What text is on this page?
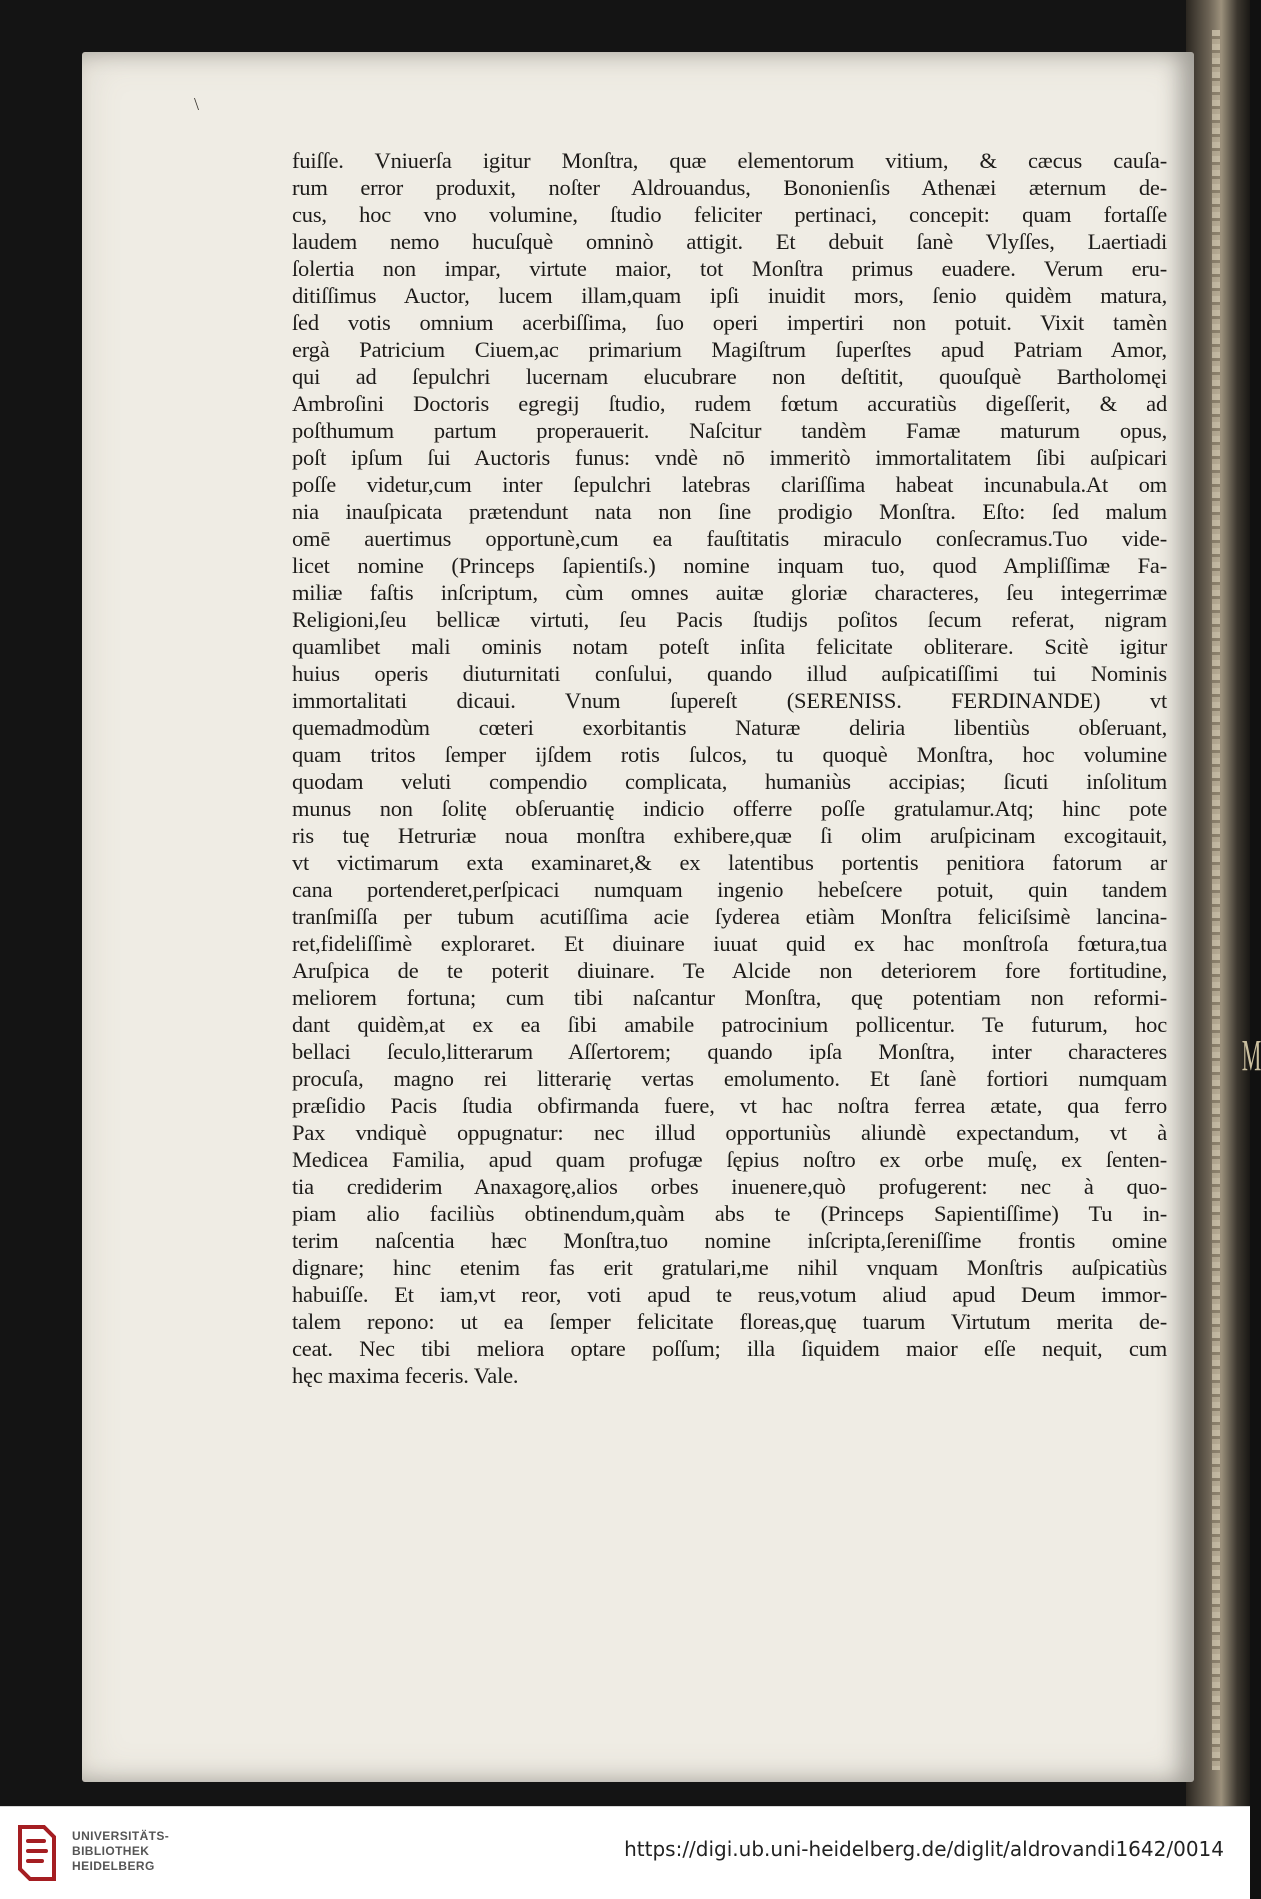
M
\
fuiſſe. Vniuerſa igitur Monſtra, quæ elementorum vitium, & cæcus cauſa-
rum error produxit, noſter Aldrouandus, Bononienſis Athenæi æternum de-
cus, hoc vno volumine, ſtudio feliciter pertinaci, concepit: quam fortaſſe
laudem nemo hucuſquè omninò attigit. Et debuit ſanè Vlyſſes, Laertiadi
ſolertia non impar, virtute maior, tot Monſtra primus euadere. Verum eru-
ditiſſimus Auctor, lucem illam,quam ipſi inuidit mors, ſenio quidèm matura,
ſed votis omnium acerbiſſima, ſuo operi impertiri non potuit. Vixit tamèn
ergà Patricium Ciuem,ac primarium Magiſtrum ſuperſtes apud Patriam Amor,
qui ad ſepulchri lucernam elucubrare non deſtitit, quouſquè Bartholomęi
Ambroſini Doctoris egregij ſtudio, rudem fœtum accuratiùs digeſſerit, & ad
poſthumum partum properauerit. Naſcitur tandèm Famæ maturum opus,
poſt ipſum ſui Auctoris funus: vndè nō immeritò immortalitatem ſibi auſpicari
poſſe videtur,cum inter ſepulchri latebras clariſſima habeat incunabula.At om
nia inauſpicata prætendunt nata non ſine prodigio Monſtra. Eſto: ſed malum
omē auertimus opportunè,cum ea fauſtitatis miraculo conſecramus.Tuo vide-
licet nomine (Princeps ſapientiſs.) nomine inquam tuo, quod Ampliſſimæ Fa-
miliæ faſtis inſcriptum, cùm omnes auitæ gloriæ characteres, ſeu integerrimæ
Religioni,ſeu bellicæ virtuti, ſeu Pacis ſtudijs poſitos ſecum referat, nigram
quamlibet mali ominis notam poteſt inſita felicitate obliterare. Scitè igitur
huius operis diuturnitati conſului, quando illud auſpicatiſſimi tui Nominis
immortalitati dicaui. Vnum ſupereſt (SERENISS. FERDINANDE) vt
quemadmodùm cœteri exorbitantis Naturæ deliria libentiùs obſeruant,
quam tritos ſemper ijſdem rotis ſulcos, tu quoquè Monſtra, hoc volumine
quodam veluti compendio complicata, humaniùs accipias; ſicuti inſolitum
munus non ſolitę obſeruantię indicio offerre poſſe gratulamur.Atq; hinc pote
ris tuę Hetruriæ noua monſtra exhibere,quæ ſi olim aruſpicinam excogitauit,
vt victimarum exta examinaret,& ex latentibus portentis penitiora fatorum ar
cana portenderet,perſpicaci numquam ingenio hebeſcere potuit, quin tandem
tranſmiſſa per tubum acutiſſima acie ſyderea etiàm Monſtra feliciſsimè lancina-
ret,fideliſſimè exploraret. Et diuinare iuuat quid ex hac monſtroſa fœtura,tua
Aruſpica de te poterit diuinare. Te Alcide non deteriorem fore fortitudine,
meliorem fortuna; cum tibi naſcantur Monſtra, quę potentiam non reformi-
dant quidèm,at ex ea ſibi amabile patrocinium pollicentur. Te futurum, hoc
bellaci ſeculo,litterarum Aſſertorem; quando ipſa Monſtra, inter characteres
procuſa, magno rei litterarię vertas emolumento. Et ſanè fortiori numquam
præſidio Pacis ſtudia obfirmanda fuere, vt hac noſtra ferrea ætate, qua ferro
Pax vndiquè oppugnatur: nec illud opportuniùs aliundè expectandum, vt à
Medicea Familia, apud quam profugæ ſępius noſtro ex orbe muſę, ex ſenten-
tia crediderim Anaxagorę,alios orbes inuenere,quò profugerent: nec à quo-
piam alio faciliùs obtinendum,quàm abs te (Princeps Sapientiſſime) Tu in-
terim naſcentia hæc Monſtra,tuo nomine inſcripta,ſereniſſime frontis omine
dignare; hinc etenim fas erit gratulari,me nihil vnquam Monſtris auſpicatiùs
habuiſſe. Et iam,vt reor, voti apud te reus,votum aliud apud Deum immor-
talem repono: ut ea ſemper felicitate floreas,quę tuarum Virtutum merita de-
ceat. Nec tibi meliora optare poſſum; illa ſiquidem maior eſſe nequit, cum
hęc maxima feceris. Vale.
UNIVERSITÄTS-
BIBLIOTHEK
HEIDELBERG
https://digi.ub.uni-heidelberg.de/diglit/aldrovandi1642/0014
